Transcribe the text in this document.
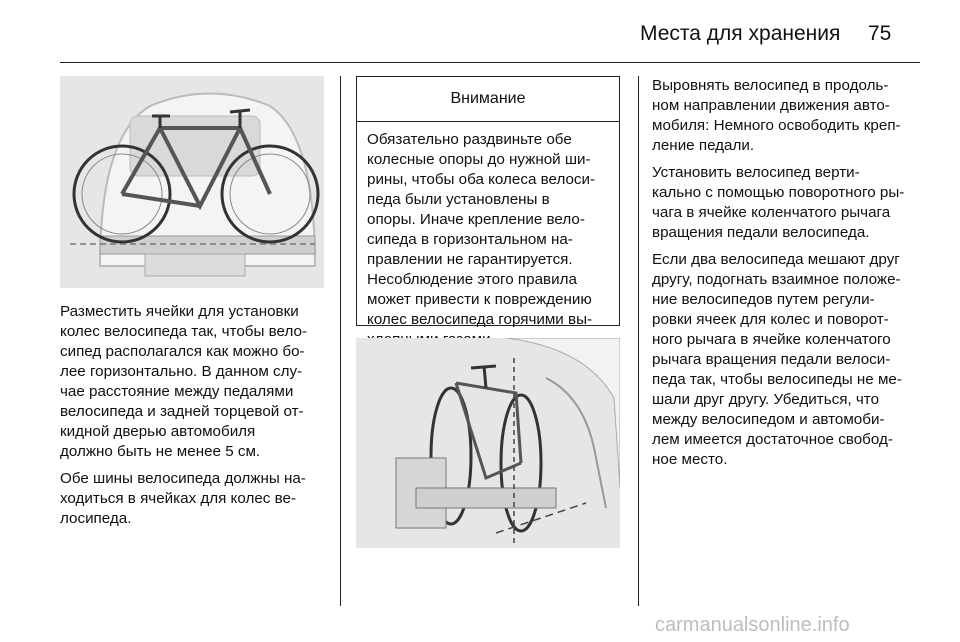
Места для хранения 75

Разместить ячейки для установки
колес велосипеда так, чтобы вело-
сипед располагался как можно бо-
лее горизонтально. В данном слу-
чае расстояние между педалями
велосипеда и задней торцевой от-
кидной дверью автомобиля
должно быть не менее 5 см.

Обе шины велосипеда должны на-
ходиться в ячейках для колес ве-
лосипеда.

Внимание
Обязательно раздвиньте обе
колесные опоры до нужной ши-
рины, чтобы оба колеса велоси-
педа были установлены в
опоры. Иначе крепление вело-
сипеда в горизонтальном на-
правлении не гарантируется.
Несоблюдение этого правила
может привести к повреждению
колес велосипеда горячими вы-

Выровнять велосипед в продоль-
ном направлении движения авто-
мобиля: Немного освободить креп-
ление педали.

Установить велосипед верти-
кально с помощью поворотного ры-
чага в ячейке коленчатого рычага
вращения педали велосипеда.

Если два велосипеда мешают друг
другу, подогнать взаимное положе-
ние велосипедов путем регули-
ровки ячеек для колес и поворот-
ного рычага в ячейке коленчатого
рычага вращения педали велоси-
педа так, чтобы велосипеды не ме-
шали друг другу. Убедиться, что
между велосипедом и автомоби-
лем имеется достаточное свобод-
ное место.

carmanualsonline.info
